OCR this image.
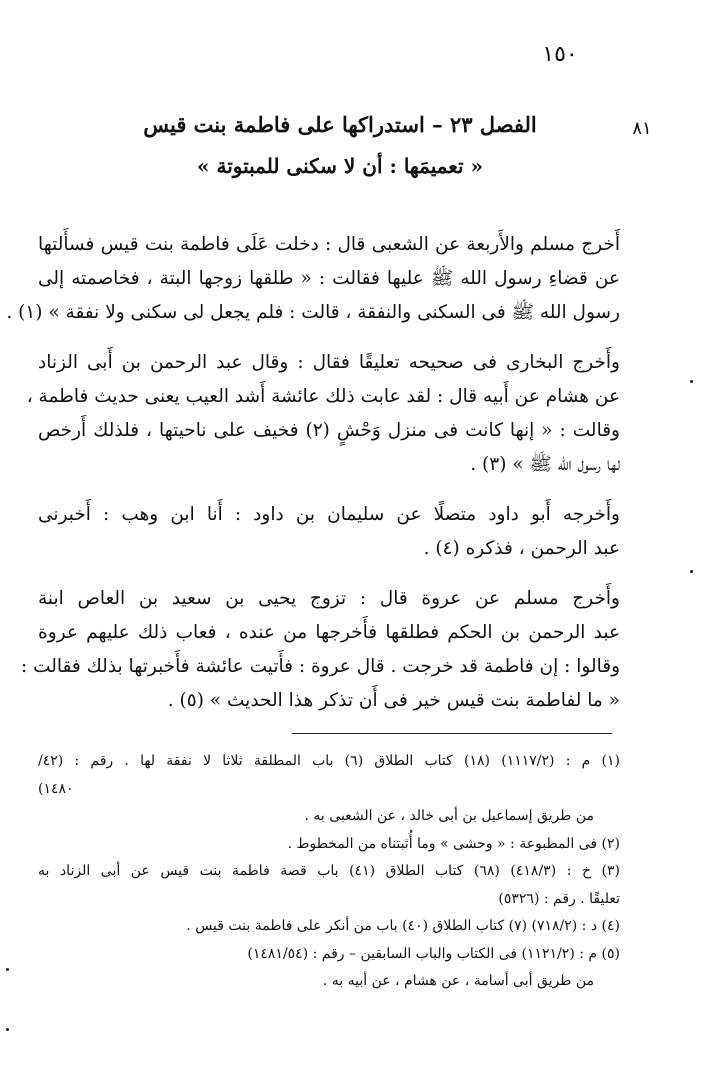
١٥٠
٨١
الفصل ٢٣ – استدراكها على فاطمة بنت قيس
« تعميمَها : أن لا سكنى للمبتوتة »
أَخرج مسلم والأَربعة عن الشعبى قال : دخلت عَلَى فاطمة بنت قيس فسأَلتها
عن قضاءِ رسول الله ﷺ عليها فقالت : « طلقها زوجها البتة ، فخاصمته إلى
رسول الله ﷺ فى السكنى والنفقة ، قالت : فلم يجعل لى سكنى ولا نفقة » (١) .
وأَخرج البخارى فى صحيحه تعليقًا فقال : وقال عبد الرحمن بن أَبى الزناد
عن هشام عن أَبيه قال : لقد عابت ذلك عائشة أَشد العيب يعنى حديث فاطمة ،
وقالت : « إنها كانت فى منزل وَحْشٍ (٢) فخيف على ناحيتها ، فلذلك أَرخص
لها رسول الله ﷺ » (٣) .
وأَخرجه أَبو داود متصلًا عن سليمان بن داود : أَنا ابن وهب : أَخبرنى
عبد الرحمن ، فذكره (٤) .
وأَخرج مسلم عن عروة قال : تزوج يحيى بن سعيد بن العاص ابنة
عبد الرحمن بن الحكم فطلقها فأَخرجها من عنده ، فعاب ذلك عليهم عروة
وقالوا : إن فاطمة قد خرجت . قال عروة : فأَتيت عائشة فأَخبرتها بذلك فقالت :
« ما لفاطمة بنت قيس خير فى أَن تذكر هذا الحديث » (٥) .
(١) م : (١١١٧/٢) (١٨) كتاب الطلاق (٦) باب المطلقة ثلاثا لا نفقة لها . رقم : (٤٢/
١٤٨٠)
من طريق إسماعيل بن أبى خالد ، عن الشعبى به .
(٢) فى المطبوعة : « وحشى » وما أُثبتناه من المخطوط .
(٣) خ : (٤١٨/٣) (٦٨) كتاب الطلاق (٤١) باب قصة فاطمة بنت قيس عن أبى الزناد به
تعليقًا . رقم : (٥٣٢٦)
(٤) د : (٧١٨/٢) (٧) كتاب الطلاق (٤٠) باب من أنكر على فاطمة بنت قيس .
(٥) م : (١١٢١/٢) فى الكتاب والباب السابقين – رقم : (١٤٨١/٥٤)
من طريق أبى أسامة ، عن هشام ، عن أبيه به .
